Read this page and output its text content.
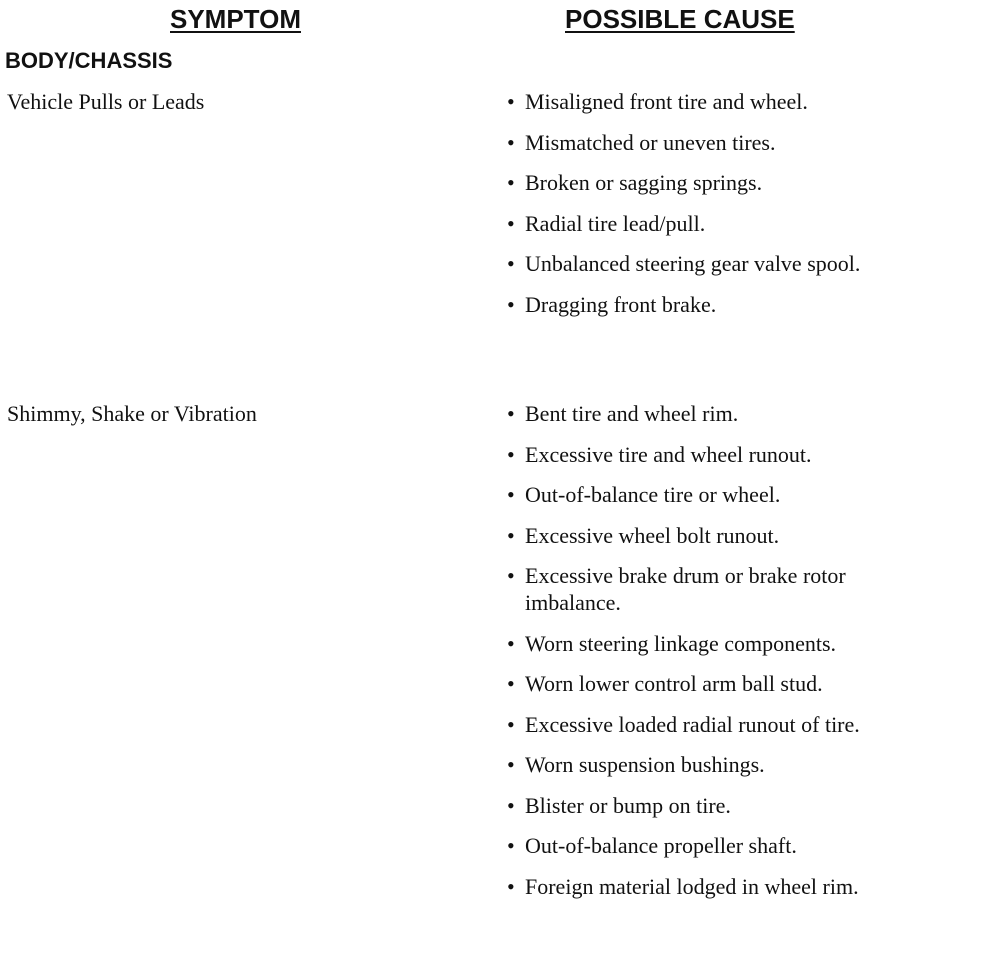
SYMPTOM	POSSIBLE CAUSE
BODY/CHASSIS
Vehicle Pulls or Leads	• Misaligned front tire and wheel.
• Mismatched or uneven tires.
• Broken or sagging springs.
• Radial tire lead/pull.
• Unbalanced steering gear valve spool.
• Dragging front brake.
Shimmy, Shake or Vibration	• Bent tire and wheel rim.
• Excessive tire and wheel runout.
• Out-of-balance tire or wheel.
• Excessive wheel bolt runout.
• Excessive brake drum or brake rotor imbalance.
• Worn steering linkage components.
• Worn lower control arm ball stud.
• Excessive loaded radial runout of tire.
• Worn suspension bushings.
• Blister or bump on tire.
• Out-of-balance propeller shaft.
• Foreign material lodged in wheel rim.
